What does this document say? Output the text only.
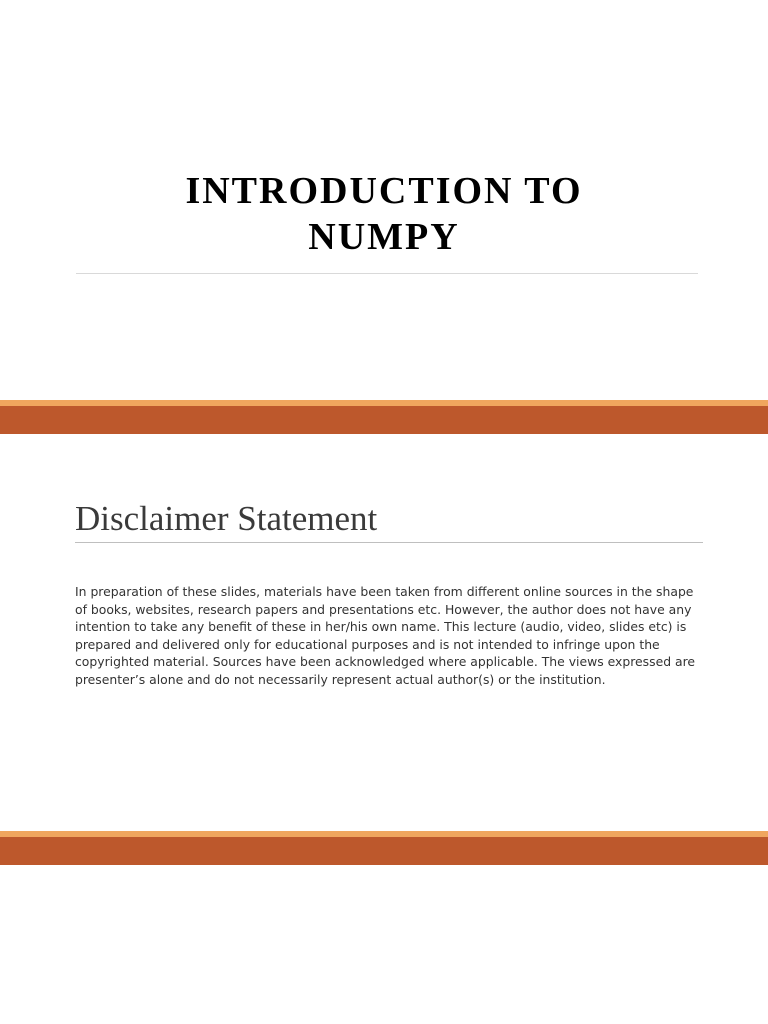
INTRODUCTION TO
NUMPY
Disclaimer Statement

In preparation of these slides, materials have been taken from different online sources in the shape of books, websites, research papers and presentations etc. However, the author does not have any intention to take any benefit of these in her/his own name. This lecture (audio, video, slides etc) is prepared and delivered only for educational purposes and is not intended to infringe upon the copyrighted material. Sources have been acknowledged where applicable. The views expressed are presenter’s alone and do not necessarily represent actual author(s) or the institution.
